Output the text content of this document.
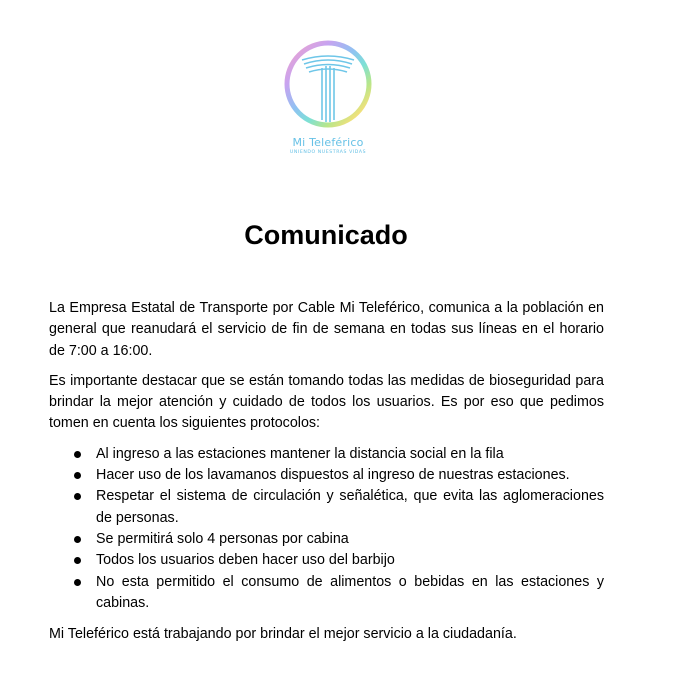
Mi Teleférico
UNIENDO NUESTRAS VIDAS
Comunicado

La Empresa Estatal de Transporte por Cable Mi Teleférico, comunica a la población en general que reanudará el servicio de fin de semana en todas sus líneas en el horario de 7:00 a 16:00.

Es importante destacar que se están tomando todas las medidas de bioseguridad para brindar la mejor atención y cuidado de todos los usuarios. Es por eso que pedimos tomen en cuenta los siguientes protocolos:

Al ingreso a las estaciones mantener la distancia social en la fila
Hacer uso de los lavamanos dispuestos al ingreso de nuestras estaciones.
Respetar el sistema de circulación y señalética, que evita las aglomeraciones de personas.
Se permitirá solo 4 personas por cabina
Todos los usuarios deben hacer uso del barbijo
No esta permitido el consumo de alimentos o bebidas en las estaciones y cabinas.

Mi Teleférico está trabajando por brindar el mejor servicio a la ciudadanía.
